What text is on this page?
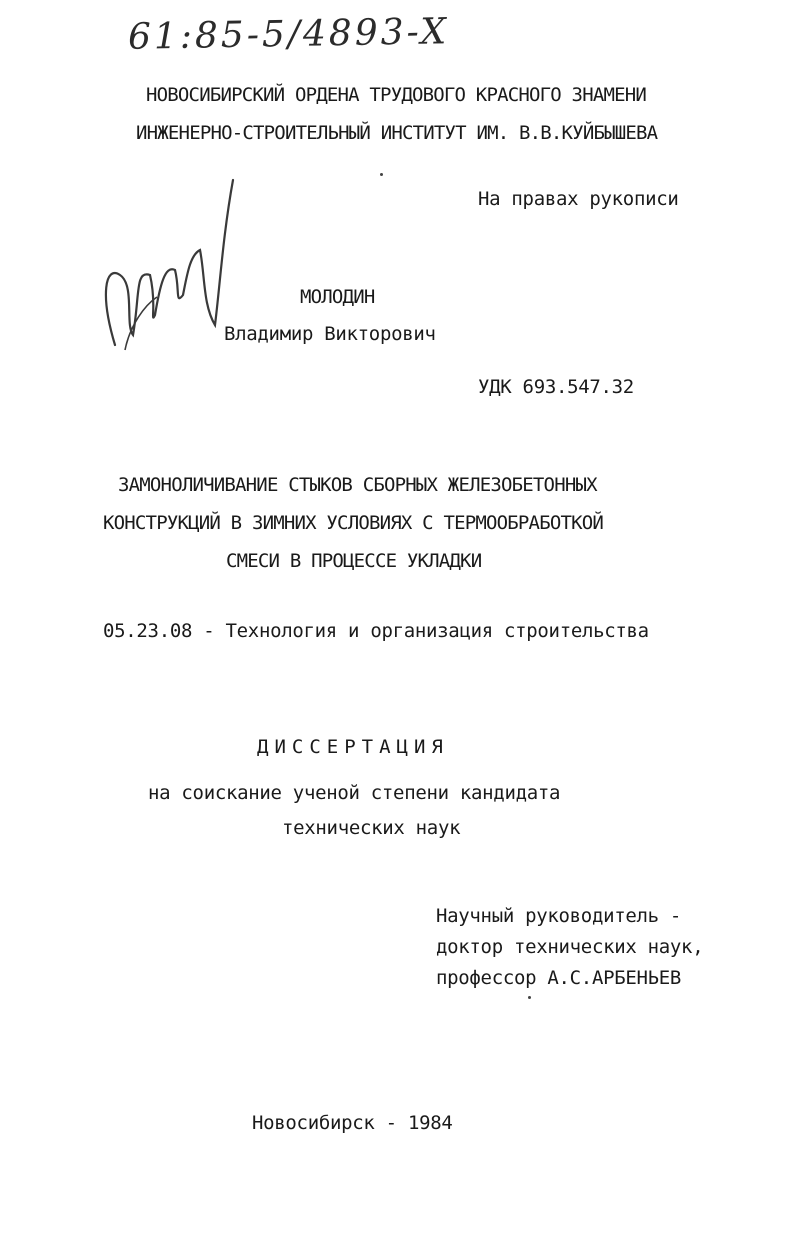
61:85-5/4893-X
НОВОСИБИРСКИЙ ОРДЕНА ТРУДОВОГО КРАСНОГО ЗНАМЕНИ
ИНЖЕНЕРНО-СТРОИТЕЛЬНЫЙ ИНСТИТУТ ИМ. В.В.КУЙБЫШЕВА
На правах рукописи
МОЛОДИН
Владимир Викторович
УДК 693.547.32
ЗАМОНОЛИЧИВАНИЕ СТЫКОВ СБОРНЫХ ЖЕЛЕЗОБЕТОННЫХ
КОНСТРУКЦИЙ В ЗИМНИХ УСЛОВИЯХ С ТЕРМООБРАБОТКОЙ
СМЕСИ В ПРОЦЕССЕ УКЛАДКИ
05.23.08 - Технология и организация строительства
ДИССЕРТАЦИЯ
на соискание ученой степени кандидата
технических наук
Научный руководитель -
доктор технических наук,
профессор А.С.АРБЕНЬЕВ
Новосибирск - 1984
